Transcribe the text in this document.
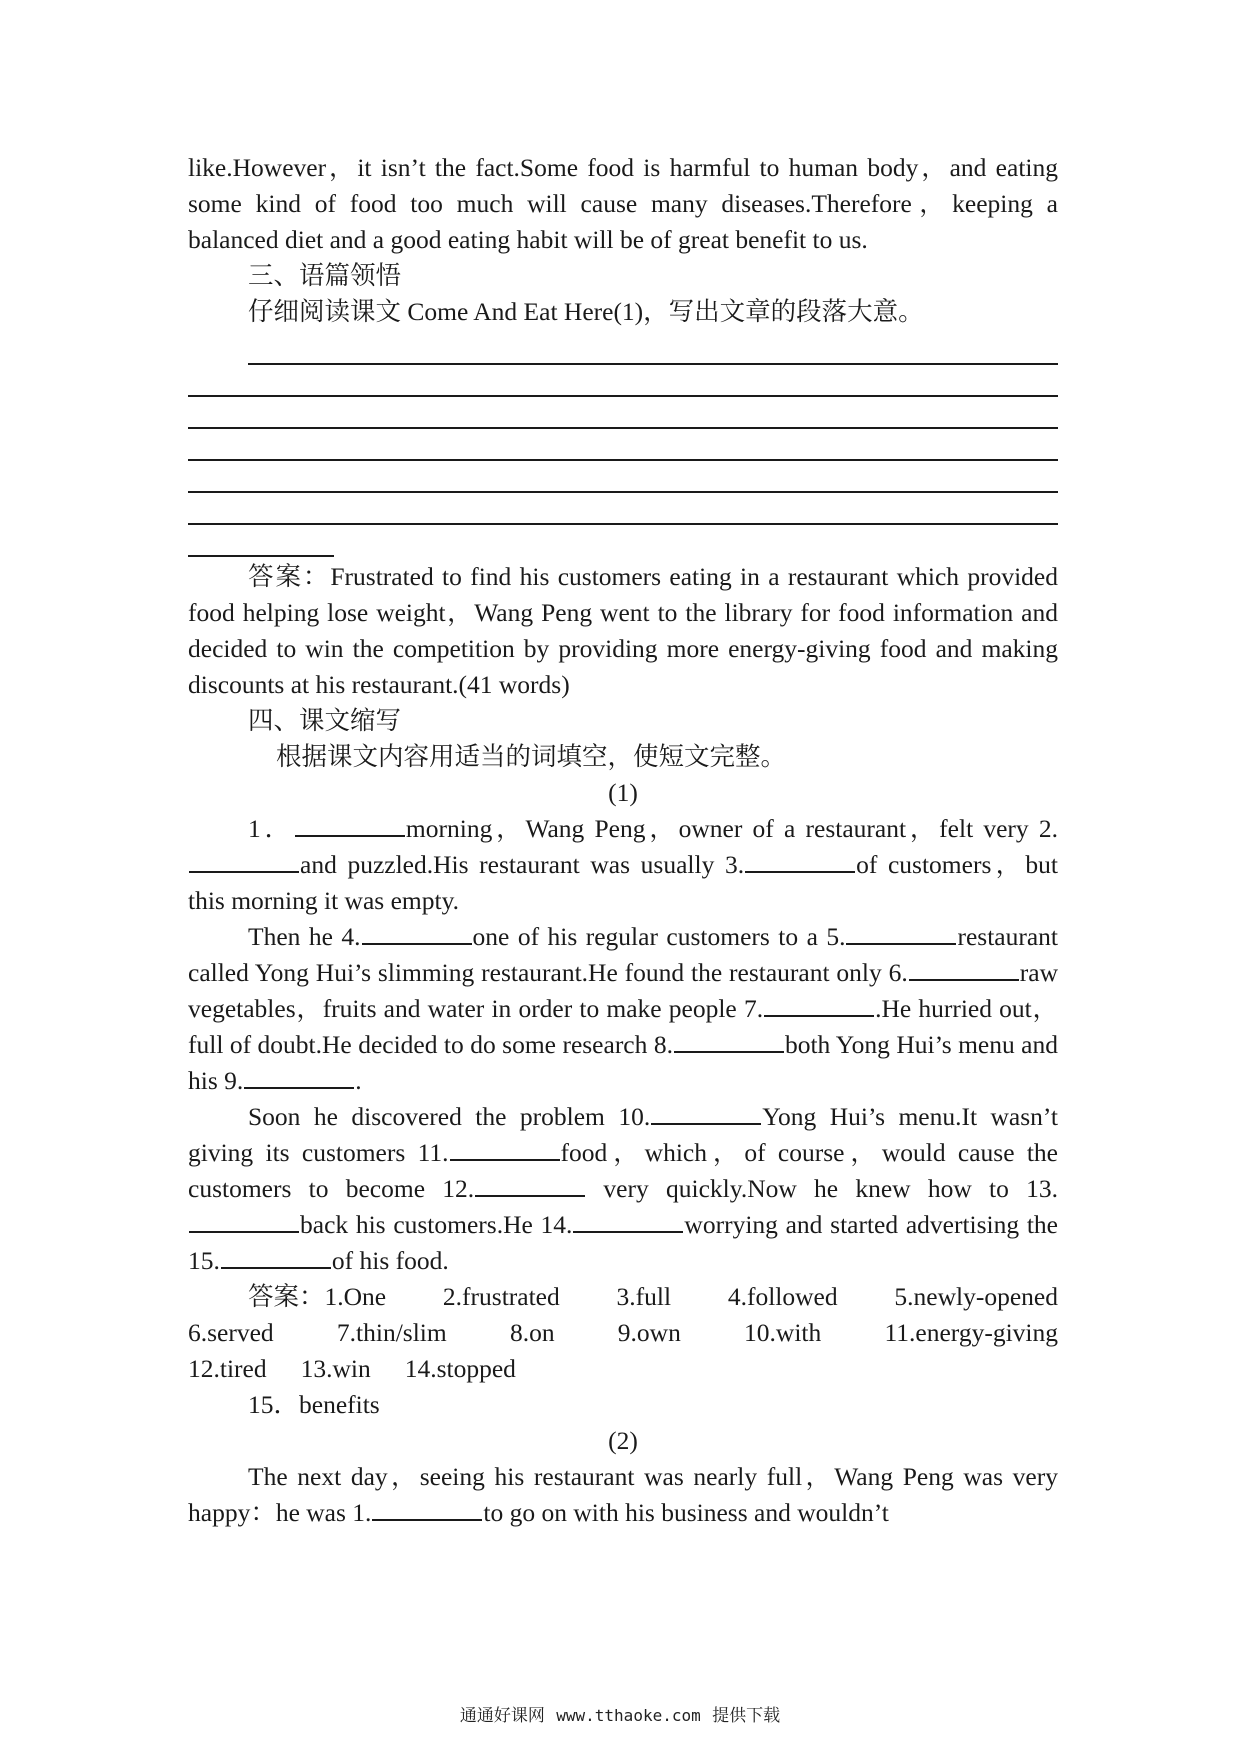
like.However，it isn’t the fact.Some food is harmful to human body，and eating some kind of food too much will cause many diseases.Therefore，keeping a balanced diet and a good eating habit will be of great benefit to us.

三、语篇领悟

仔细阅读课文 Come And Eat Here(1)，写出文章的段落大意。

答案：Frustrated to find his customers eating in a restaurant which provided food helping lose weight，Wang Peng went to the library for food information and decided to win the competition by providing more energy-giving food and making discounts at his restaurant.(41 words)

四、课文缩写

根据课文内容用适当的词填空，使短文完整。

(1)

1．	morning，Wang Peng，owner of a restaurant，felt very 2.and puzzled.His restaurant was usually 3.	of customers，but this morning it was empty.

Then he 4.	one of his regular customers to a 5.	restaurant called Yong Hui’s slimming restaurant.He found the restaurant only 6.	raw vegetables，fruits and water in order to make people 7.	.He hurried out，full of doubt.He decided to do some research 8.	both Yong Hui’s menu and his 9.	.

Soon he discovered the problem 10.	Yong Hui’s menu.It wasn’t giving its customers 11.	food，which，of course，would cause the customers to become 12.	very quickly.Now he knew how to 13.back his customers.He 14.	worrying and started advertising the 15.	of his food.

答案：1.One 2.frustrated 3.full 4.followed 5.newly-opened
6.served 7.thin/slim 8.on 9.own 10.with 11.energy-giving
12.tired 13.win 14.stopped
15．benefits

(2)

The next day，seeing his restaurant was nearly full，Wang Peng was very happy：he was 1.	to go on with his business and wouldn’t

通通好课网 www.tthaoke.com 提供下载
